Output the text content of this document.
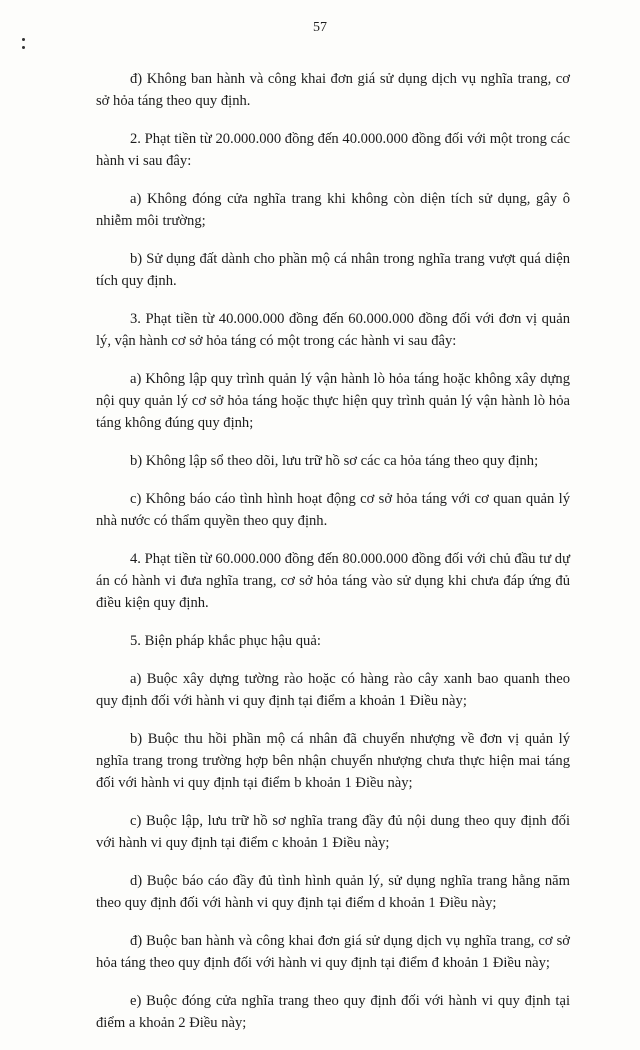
57

đ) Không ban hành và công khai đơn giá sử dụng dịch vụ nghĩa trang, cơ sở hỏa táng theo quy định.

2. Phạt tiền từ 20.000.000 đồng đến 40.000.000 đồng đối với một trong các hành vi sau đây:

a) Không đóng cửa nghĩa trang khi không còn diện tích sử dụng, gây ô nhiễm môi trường;

b) Sử dụng đất dành cho phần mộ cá nhân trong nghĩa trang vượt quá diện tích quy định.

3. Phạt tiền từ 40.000.000 đồng đến 60.000.000 đồng đối với đơn vị quản lý, vận hành cơ sở hỏa táng có một trong các hành vi sau đây:

a) Không lập quy trình quản lý vận hành lò hỏa táng hoặc không xây dựng nội quy quản lý cơ sở hỏa táng hoặc thực hiện quy trình quản lý vận hành lò hỏa táng không đúng quy định;

b) Không lập sổ theo dõi, lưu trữ hồ sơ các ca hỏa táng theo quy định;

c) Không báo cáo tình hình hoạt động cơ sở hỏa táng với cơ quan quản lý nhà nước có thẩm quyền theo quy định.

4. Phạt tiền từ 60.000.000 đồng đến 80.000.000 đồng đối với chủ đầu tư dự án có hành vi đưa nghĩa trang, cơ sở hỏa táng vào sử dụng khi chưa đáp ứng đủ điều kiện quy định.

5. Biện pháp khắc phục hậu quả:

a) Buộc xây dựng tường rào hoặc có hàng rào cây xanh bao quanh theo quy định đối với hành vi quy định tại điểm a khoản 1 Điều này;

b) Buộc thu hồi phần mộ cá nhân đã chuyển nhượng về đơn vị quản lý nghĩa trang trong trường hợp bên nhận chuyển nhượng chưa thực hiện mai táng đối với hành vi quy định tại điểm b khoản 1 Điều này;

c) Buộc lập, lưu trữ hồ sơ nghĩa trang đầy đủ nội dung theo quy định đối với hành vi quy định tại điểm c khoản 1 Điều này;

d) Buộc báo cáo đầy đủ tình hình quản lý, sử dụng nghĩa trang hằng năm theo quy định đối với hành vi quy định tại điểm d khoản 1 Điều này;

đ) Buộc ban hành và công khai đơn giá sử dụng dịch vụ nghĩa trang, cơ sở hỏa táng theo quy định đối với hành vi quy định tại điểm đ khoản 1 Điều này;

e) Buộc đóng cửa nghĩa trang theo quy định đối với hành vi quy định tại điểm a khoản 2 Điều này;
